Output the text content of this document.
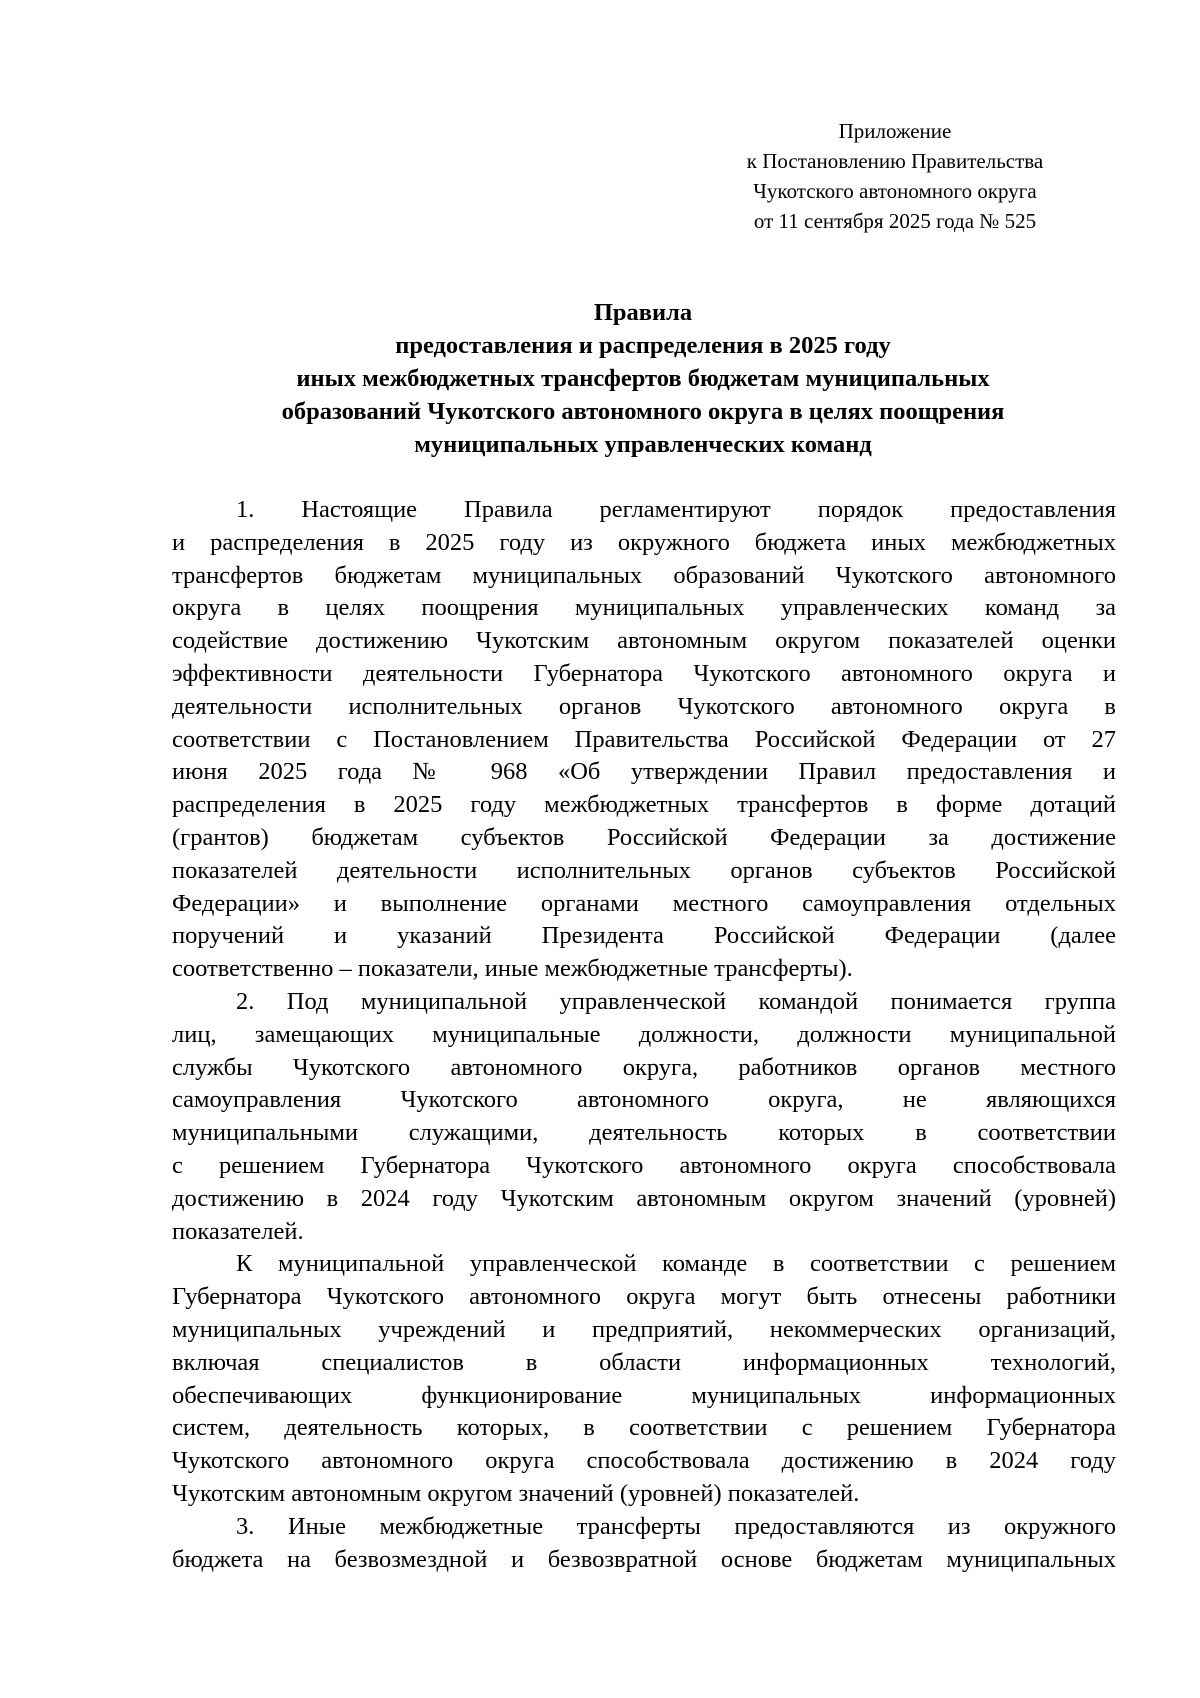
Приложение
к Постановлению Правительства
Чукотского автономного округа
от 11 сентября 2025 года № 525
Правила
предоставления и распределения в 2025 году
иных межбюджетных трансфертов бюджетам муниципальных
образований Чукотского автономного округа в целях поощрения
муниципальных управленческих команд
1. Настоящие Правила регламентируют порядок предоставления
и распределения в 2025 году из окружного бюджета иных межбюджетных
трансфертов бюджетам муниципальных образований Чукотского автономного
округа в целях поощрения муниципальных управленческих команд за
содействие достижению Чукотским автономным округом показателей оценки
эффективности деятельности Губернатора Чукотского автономного округа и
деятельности исполнительных органов Чукотского автономного округа в
соответствии с Постановлением Правительства Российской Федерации от 27
июня 2025 года № 968 «Об утверждении Правил предоставления и
распределения в 2025 году межбюджетных трансфертов в форме дотаций
(грантов) бюджетам субъектов Российской Федерации за достижение
показателей деятельности исполнительных органов субъектов Российской
Федерации» и выполнение органами местного самоуправления отдельных
поручений и указаний Президента Российской Федерации (далее
соответственно – показатели, иные межбюджетные трансферты).
2. Под муниципальной управленческой командой понимается группа
лиц, замещающих муниципальные должности, должности муниципальной
службы Чукотского автономного округа, работников органов местного
самоуправления Чукотского автономного округа, не являющихся
муниципальными служащими, деятельность которых в соответствии
с решением Губернатора Чукотского автономного округа способствовала
достижению в 2024 году Чукотским автономным округом значений (уровней)
показателей.
К муниципальной управленческой команде в соответствии с решением
Губернатора Чукотского автономного округа могут быть отнесены работники
муниципальных учреждений и предприятий, некоммерческих организаций,
включая специалистов в области информационных технологий,
обеспечивающих функционирование муниципальных информационных
систем, деятельность которых, в соответствии с решением Губернатора
Чукотского автономного округа способствовала достижению в 2024 году
Чукотским автономным округом значений (уровней) показателей.
3. Иные межбюджетные трансферты предоставляются из окружного
бюджета на безвозмездной и безвозвратной основе бюджетам муниципальных
